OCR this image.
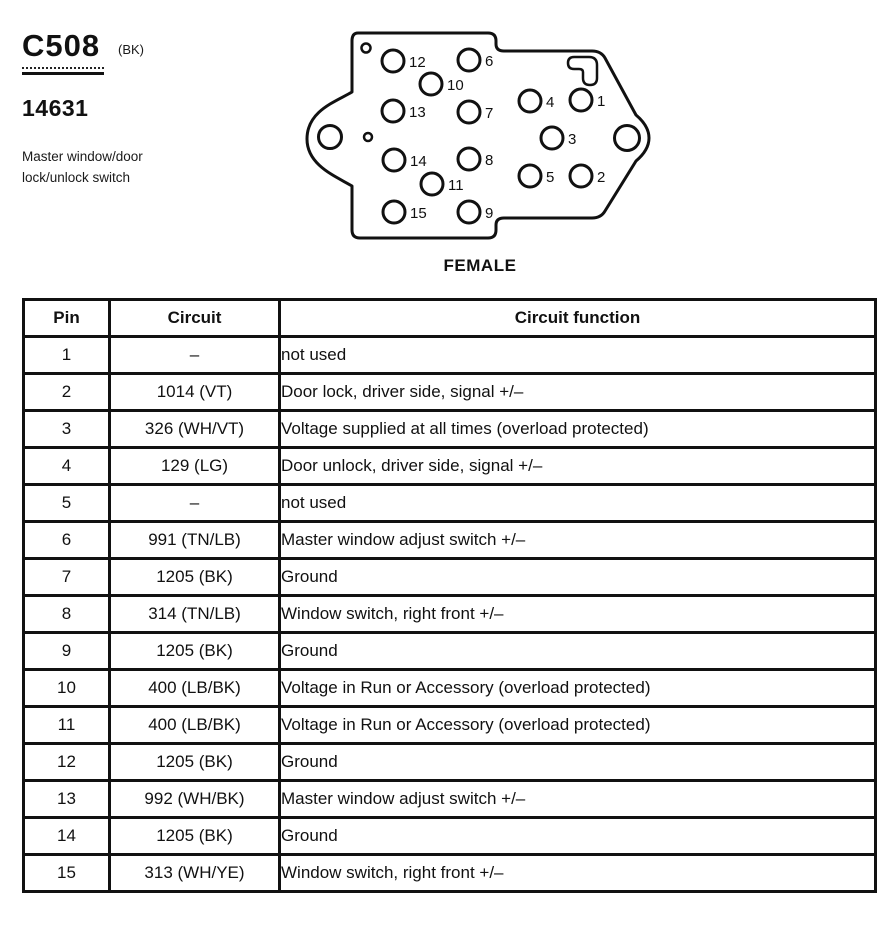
C508 (BK)
14631
Master window/door
lock/unlock switch
12	6
10
4	1
13	7
3
14	8
5	2
11
15	9
FEMALE
Pin	Circuit	Circuit function
1	–	not used
2	1014 (VT)	Door lock, driver side, signal +/–
3	326 (WH/VT)	Voltage supplied at all times (overload protected)
4	129 (LG)	Door unlock, driver side, signal +/–
5	–	not used
6	991 (TN/LB)	Master window adjust switch +/–
7	1205 (BK)	Ground
8	314 (TN/LB)	Window switch, right front +/–
9	1205 (BK)	Ground
10	400 (LB/BK)	Voltage in Run or Accessory (overload protected)
11	400 (LB/BK)	Voltage in Run or Accessory (overload protected)
12	1205 (BK)	Ground
13	992 (WH/BK)	Master window adjust switch +/–
14	1205 (BK)	Ground
15	313 (WH/YE)	Window switch, right front +/–
